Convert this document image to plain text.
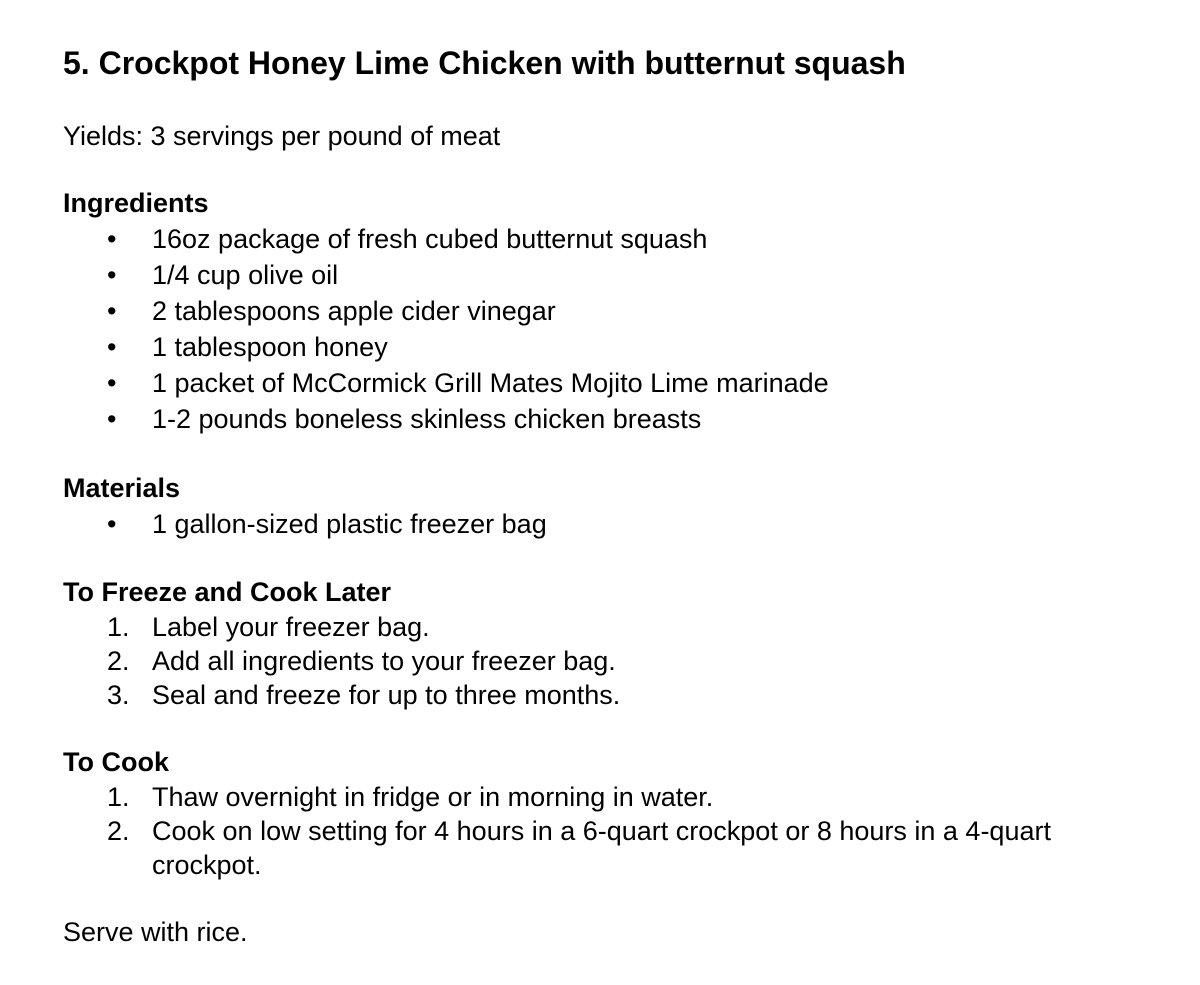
5. Crockpot Honey Lime Chicken with butternut squash

Yields: 3 servings per pound of meat

Ingredients
• 16oz package of fresh cubed butternut squash
• 1/4 cup olive oil
• 2 tablespoons apple cider vinegar
• 1 tablespoon honey
• 1 packet of McCormick Grill Mates Mojito Lime marinade
• 1-2 pounds boneless skinless chicken breasts
Materials
• 1 gallon-sized plastic freezer bag
To Freeze and Cook Later
1. Label your freezer bag.
2. Add all ingredients to your freezer bag.
3. Seal and freeze for up to three months.
To Cook
1. Thaw overnight in fridge or in morning in water.
2. Cook on low setting for 4 hours in a 6-quart crockpot or 8 hours in a 4-quart crockpot.

Serve with rice.
